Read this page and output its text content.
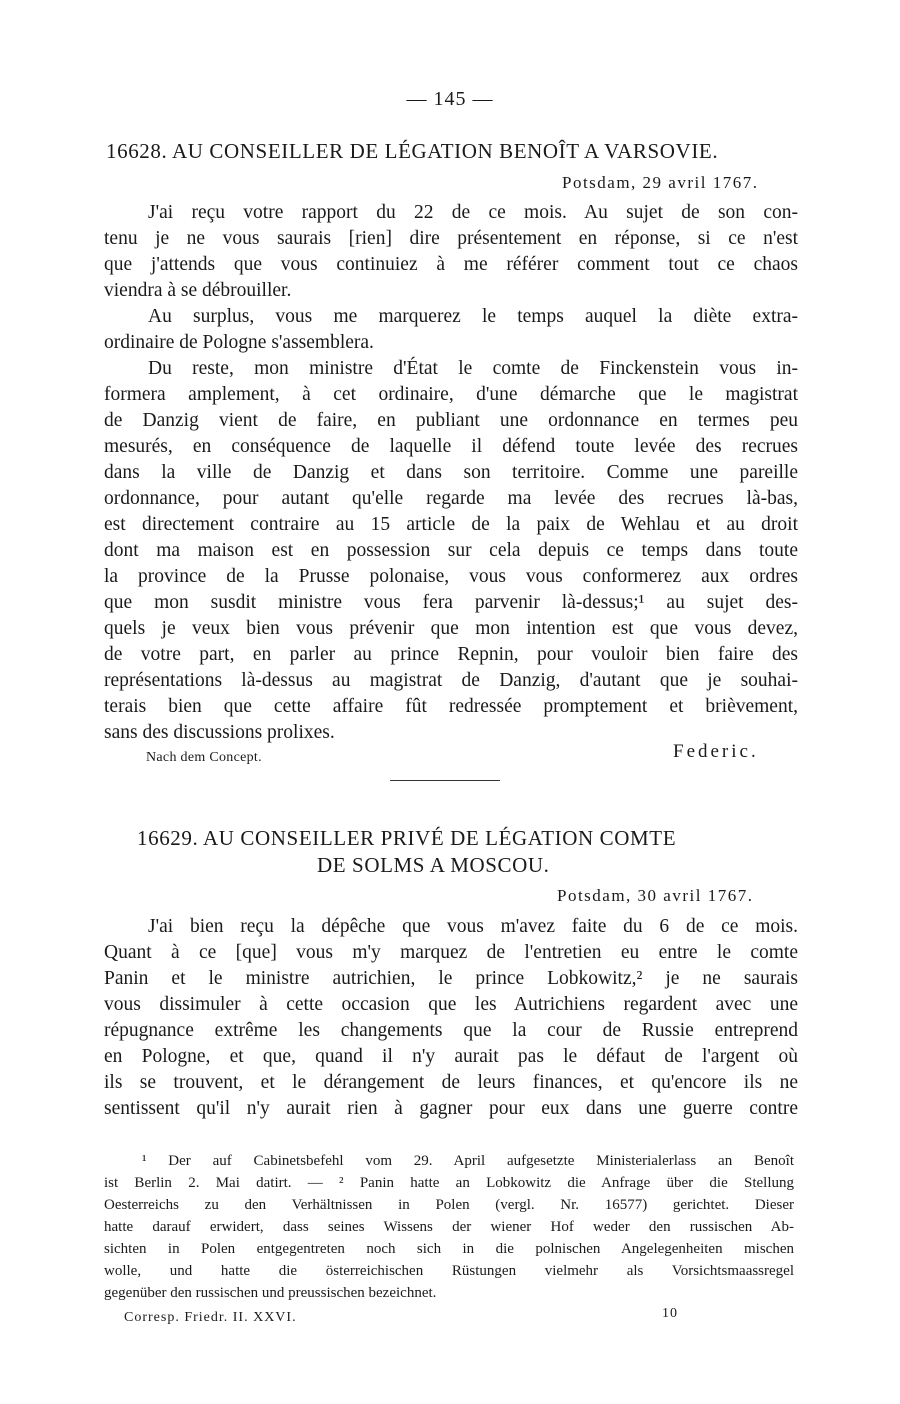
— 145 —
16628. AU CONSEILLER DE LÉGATION BENOÎT A VARSOVIE.
Potsdam, 29 avril 1767.
J'ai reçu votre rapport du 22 de ce mois. Au sujet de son con-
tenu je ne vous saurais [rien] dire présentement en réponse, si ce n'est
que j'attends que vous continuiez à me référer comment tout ce chaos
viendra à se débrouiller.
Au surplus, vous me marquerez le temps auquel la diète extra-
ordinaire de Pologne s'assemblera.
Du reste, mon ministre d'État le comte de Finckenstein vous in-
formera amplement, à cet ordinaire, d'une démarche que le magistrat
de Danzig vient de faire, en publiant une ordonnance en termes peu
mesurés, en conséquence de laquelle il défend toute levée des recrues
dans la ville de Danzig et dans son territoire. Comme une pareille
ordonnance, pour autant qu'elle regarde ma levée des recrues là-bas,
est directement contraire au 15 article de la paix de Wehlau et au droit
dont ma maison est en possession sur cela depuis ce temps dans toute
la province de la Prusse polonaise, vous vous conformerez aux ordres
que mon susdit ministre vous fera parvenir là-dessus;¹ au sujet des-
quels je veux bien vous prévenir que mon intention est que vous devez,
de votre part, en parler au prince Repnin, pour vouloir bien faire des
représentations là-dessus au magistrat de Danzig, d'autant que je souhai-
terais bien que cette affaire fût redressée promptement et brièvement,
sans des discussions prolixes.
Nach dem Concept.	Federic.
16629. AU CONSEILLER PRIVÉ DE LÉGATION COMTE
DE SOLMS A MOSCOU.
Potsdam, 30 avril 1767.
J'ai bien reçu la dépêche que vous m'avez faite du 6 de ce mois.
Quant à ce [que] vous m'y marquez de l'entretien eu entre le comte
Panin et le ministre autrichien, le prince Lobkowitz,² je ne saurais
vous dissimuler à cette occasion que les Autrichiens regardent avec une
répugnance extrême les changements que la cour de Russie entreprend
en Pologne, et que, quand il n'y aurait pas le défaut de l'argent où
ils se trouvent, et le dérangement de leurs finances, et qu'encore ils ne
sentissent qu'il n'y aurait rien à gagner pour eux dans une guerre contre
¹ Der auf Cabinetsbefehl vom 29. April aufgesetzte Ministerialerlass an Benoît
ist Berlin 2. Mai datirt. — ² Panin hatte an Lobkowitz die Anfrage über die Stellung
Oesterreichs zu den Verhältnissen in Polen (vergl. Nr. 16577) gerichtet. Dieser
hatte darauf erwidert, dass seines Wissens der wiener Hof weder den russischen Ab-
sichten in Polen entgegentreten noch sich in die polnischen Angelegenheiten mischen
wolle, und hatte die österreichischen Rüstungen vielmehr als Vorsichtsmaassregel
gegenüber den russischen und preussischen bezeichnet.
Corresp. Friedr. II. XXVI.	10
